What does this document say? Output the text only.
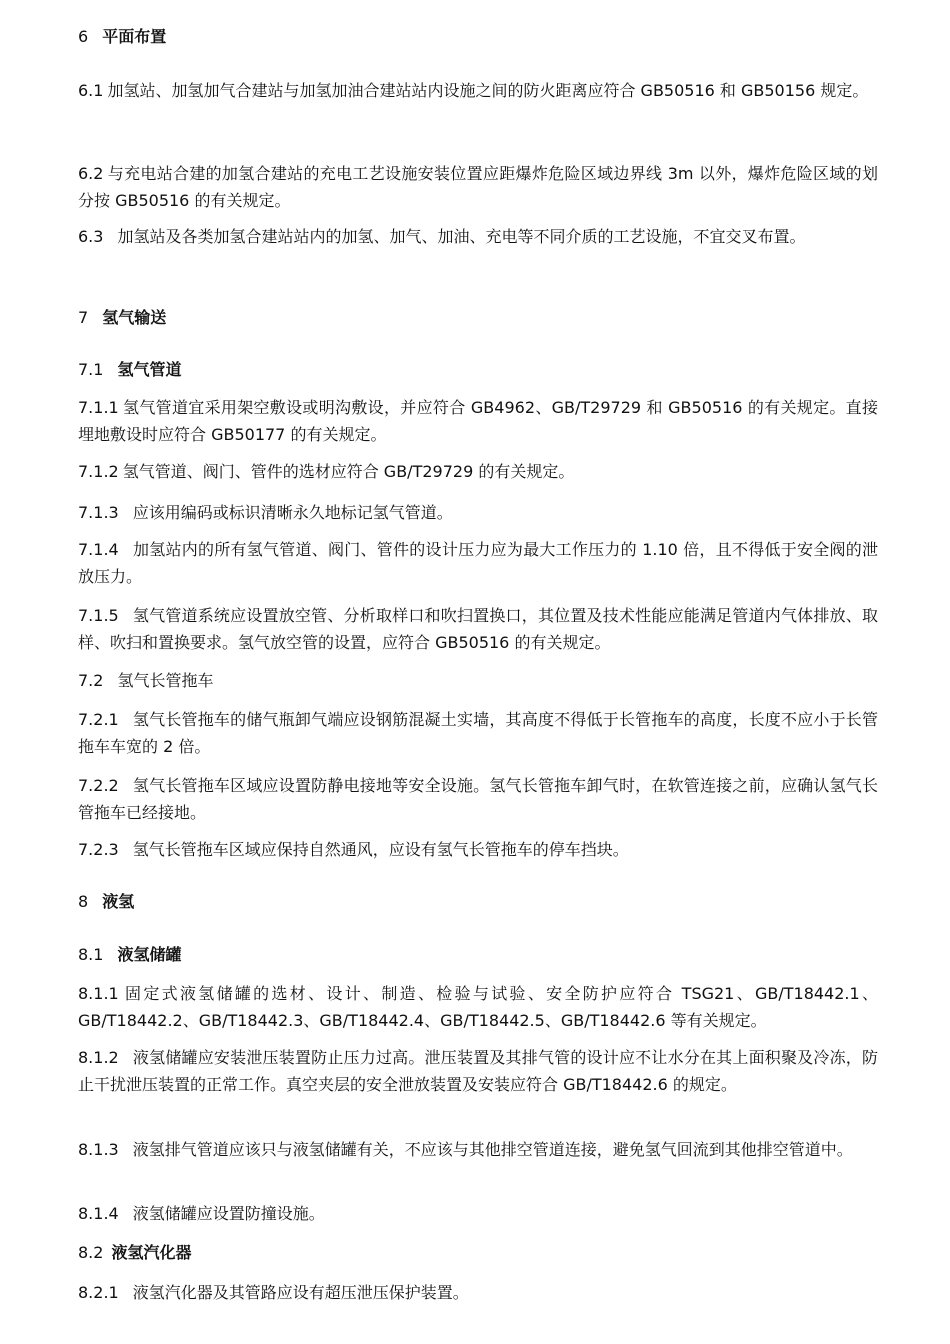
6 平面布置
6.1 加氢站、加氢加气合建站与加氢加油合建站站内设施之间的防火距离应符合 GB50516 和 GB50156 规定。
6.2 与充电站合建的加氢合建站的充电工艺设施安装位置应距爆炸危险区域边界线 3m 以外，爆炸危险区域的划分按 GB50516 的有关规定。
6.3 加氢站及各类加氢合建站站内的加氢、加气、加油、充电等不同介质的工艺设施，不宜交叉布置。
7 氢气输送
7.1 氢气管道
7.1.1 氢气管道宜采用架空敷设或明沟敷设，并应符合 GB4962、GB/T29729 和 GB50516 的有关规定。直接埋地敷设时应符合 GB50177 的有关规定。
7.1.2 氢气管道、阀门、管件的选材应符合 GB/T29729 的有关规定。
7.1.3 应该用编码或标识清晰永久地标记氢气管道。
7.1.4 加氢站内的所有氢气管道、阀门、管件的设计压力应为最大工作压力的 1.10 倍，且不得低于安全阀的泄放压力。
7.1.5 氢气管道系统应设置放空管、分析取样口和吹扫置换口，其位置及技术性能应能满足管道内气体排放、取样、吹扫和置换要求。氢气放空管的设置，应符合 GB50516 的有关规定。
7.2 氢气长管拖车
7.2.1 氢气长管拖车的储气瓶卸气端应设钢筋混凝土实墙，其高度不得低于长管拖车的高度，长度不应小于长管拖车车宽的 2 倍。
7.2.2 氢气长管拖车区域应设置防静电接地等安全设施。氢气长管拖车卸气时，在软管连接之前，应确认氢气长管拖车已经接地。
7.2.3 氢气长管拖车区域应保持自然通风，应设有氢气长管拖车的停车挡块。
8 液氢
8.1 液氢储罐
8.1.1 固定式液氢储罐的选材、设计、制造、检验与试验、安全防护应符合 TSG21、GB/T18442.1、GB/T18442.2、GB/T18442.3、GB/T18442.4、GB/T18442.5、GB/T18442.6 等有关规定。
8.1.2 液氢储罐应安装泄压装置防止压力过高。泄压装置及其排气管的设计应不让水分在其上面积聚及冷冻，防止干扰泄压装置的正常工作。真空夹层的安全泄放装置及安装应符合 GB/T18442.6 的规定。
8.1.3 液氢排气管道应该只与液氢储罐有关，不应该与其他排空管道连接，避免氢气回流到其他排空管道中。
8.1.4 液氢储罐应设置防撞设施。
8.2 液氢汽化器
8.2.1 液氢汽化器及其管路应设有超压泄压保护装置。
